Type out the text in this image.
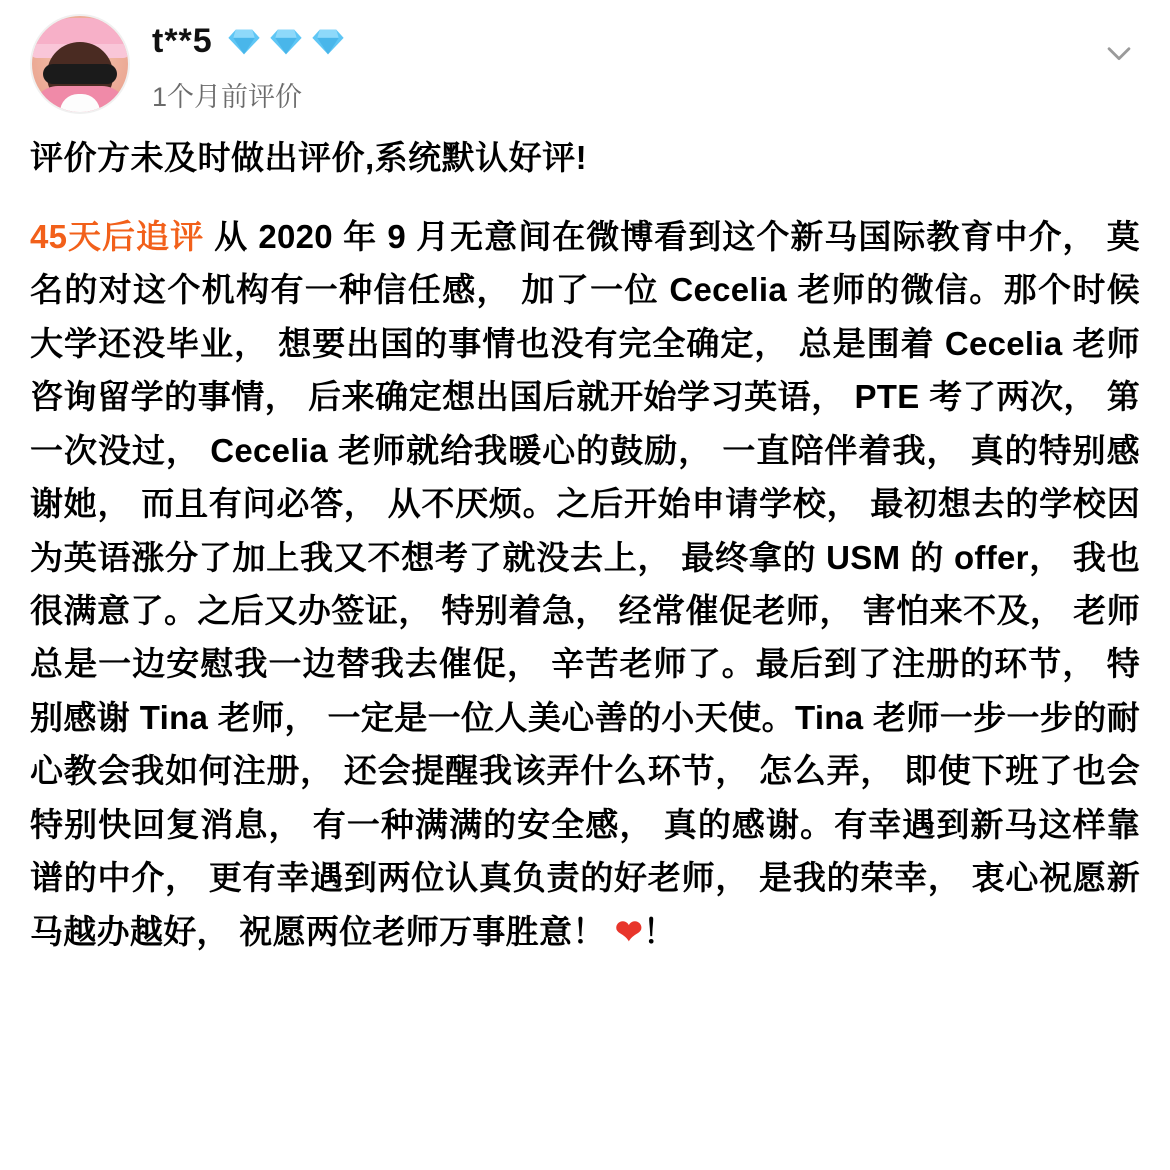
t**5
1个月前评价
评价方未及时做出评价,系统默认好评!
45天后追评 从 2020 年 9 月无意间在微博看到这个新马国际教育中介， 莫名的对这个机构有一种信任感， 加了一位 Cecelia 老师的微信。那个时候大学还没毕业， 想要出国的事情也没有完全确定， 总是围着 Cecelia 老师咨询留学的事情， 后来确定想出国后就开始学习英语， PTE 考了两次， 第一次没过， Cecelia 老师就给我暖心的鼓励， 一直陪伴着我， 真的特别感谢她， 而且有问必答， 从不厌烦。之后开始申请学校， 最初想去的学校因为英语涨分了加上我又不想考了就没去上， 最终拿的 USM 的 offer， 我也很满意了。之后又办签证， 特别着急， 经常催促老师， 害怕来不及， 老师总是一边安慰我一边替我去催促， 辛苦老师了。最后到了注册的环节， 特别感谢 Tina 老师， 一定是一位人美心善的小天使。Tina 老师一步一步的耐心教会我如何注册， 还会提醒我该弄什么环节， 怎么弄， 即使下班了也会特别快回复消息， 有一种满满的安全感， 真的感谢。有幸遇到新马这样靠谱的中介， 更有幸遇到两位认真负责的好老师， 是我的荣幸， 衷心祝愿新马越办越好， 祝愿两位老师万事胜意！ ❤！
